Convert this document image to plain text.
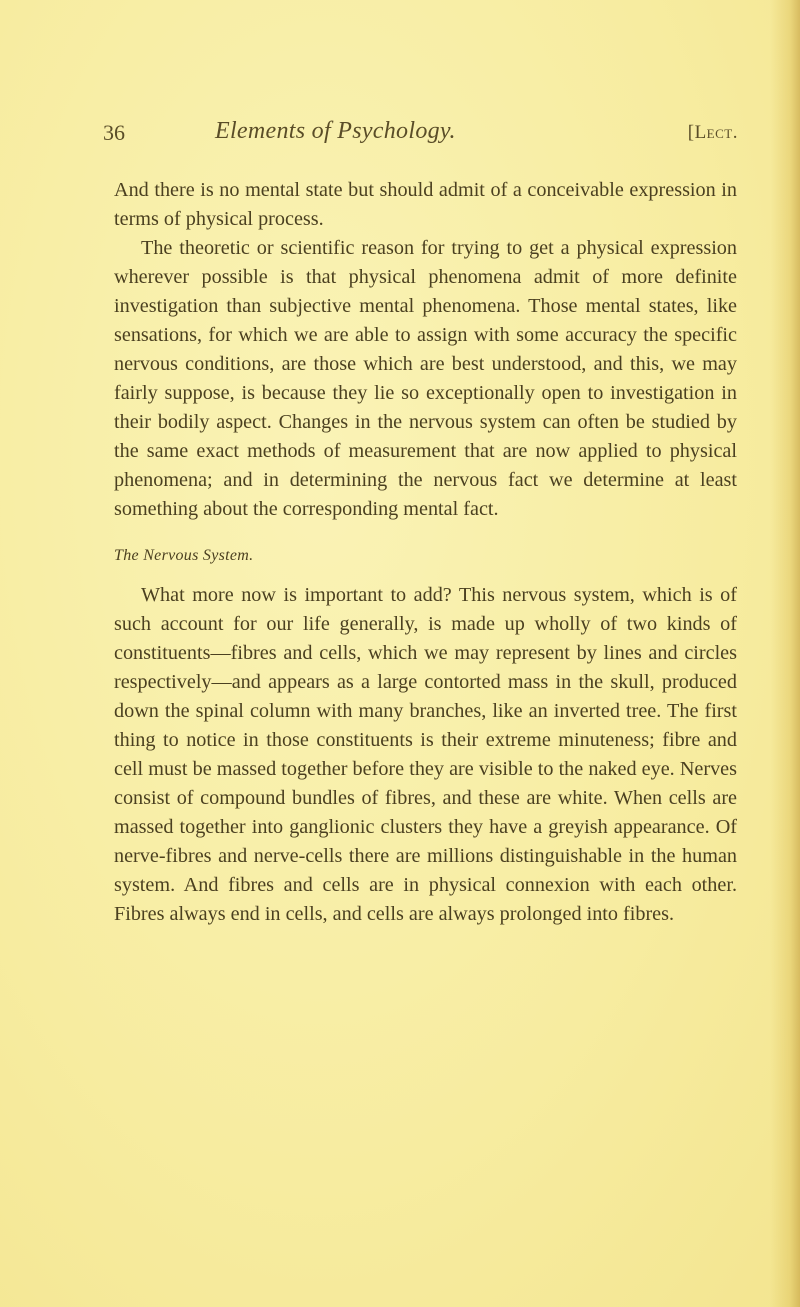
36	Elements of Psychology.	[Lect.

And there is no mental state but should admit of a conceivable expression in terms of physical process.

The theoretic or scientific reason for trying to get a physical expression wherever possible is that physical phenomena admit of more definite investigation than subjective mental phenomena. Those mental states, like sensations, for which we are able to assign with some accuracy the specific nervous conditions, are those which are best understood, and this, we may fairly suppose, is because they lie so exceptionally open to investigation in their bodily aspect. Changes in the nervous system can often be studied by the same exact methods of measurement that are now applied to physical phenomena; and in determining the nervous fact we determine at least something about the corresponding mental fact.

The Nervous System.

What more now is important to add? This nervous system, which is of such account for our life generally, is made up wholly of two kinds of constituents—fibres and cells, which we may represent by lines and circles respectively—and appears as a large contorted mass in the skull, produced down the spinal column with many branches, like an inverted tree. The first thing to notice in those constituents is their extreme minuteness; fibre and cell must be massed together before they are visible to the naked eye. Nerves consist of compound bundles of fibres, and these are white. When cells are massed together into ganglionic clusters they have a greyish appearance. Of nerve-fibres and nerve-cells there are millions distinguishable in the human system. And fibres and cells are in physical connexion with each other. Fibres always end in cells, and cells are always prolonged into fibres.
